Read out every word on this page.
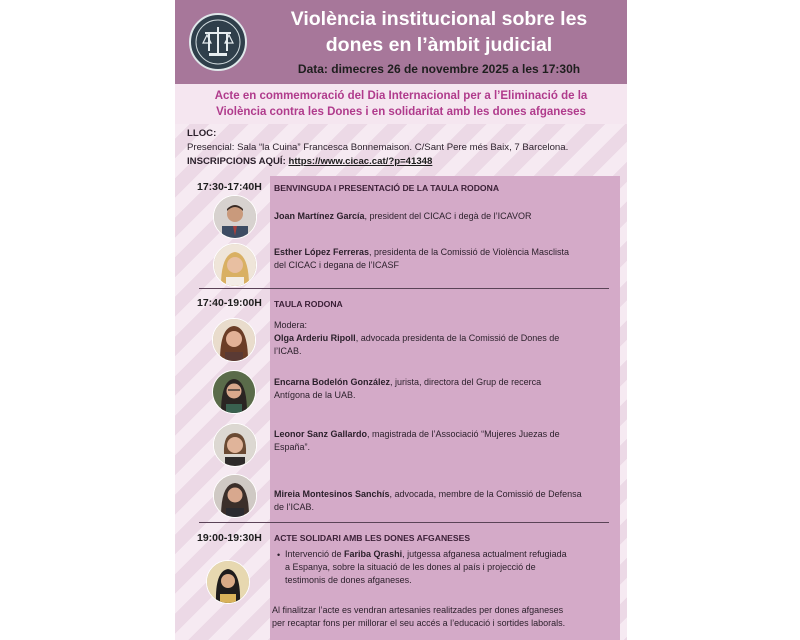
Violència institucional sobre les
dones en l’àmbit judicial
Data: dimecres 26 de novembre 2025 a les 17:30h
Acte en commemoració del Dia Internacional per a l’Eliminació de la
Violència contra les Dones i en solidaritat amb les dones afganeses
LLOC:
Presencial: Sala “la Cuina” Francesca Bonnemaison. C/Sant Pere més Baix, 7 Barcelona.
INSCRIPCIONS AQUÍ: https://www.cicac.cat/?p=41348
17:30-17:40H BENVINGUDA I PRESENTACIÓ DE LA TAULA RODONA
Joan Martínez García, president del CICAC i degà de l’ICAVOR
Esther López Ferreras, presidenta de la Comissió de Violència Masclista
del CICAC i degana de l’ICASF
17:40-19:00H TAULA RODONA
Modera:
Olga Arderiu Ripoll, advocada presidenta de la Comissió de Dones de
l’ICAB.
Encarna Bodelón González, jurista, directora del Grup de recerca
Antígona de la UAB.
Leonor Sanz Gallardo, magistrada de l’Associació “Mujeres Juezas de
España”.
Mireia Montesinos Sanchís, advocada, membre de la Comissió de Defensa
de l’ICAB.
19:00-19:30H ACTE SOLIDARI AMB LES DONES AFGANESES
• Intervenció de Fariba Qrashi, jutgessa afganesa actualment refugiada
a Espanya, sobre la situació de les dones al país i projecció de
testimonis de dones afganeses.
Al finalitzar l’acte es vendran artesanies realitzades per dones afganeses
per recaptar fons per millorar el seu accés a l’educació i sortides laborals.
